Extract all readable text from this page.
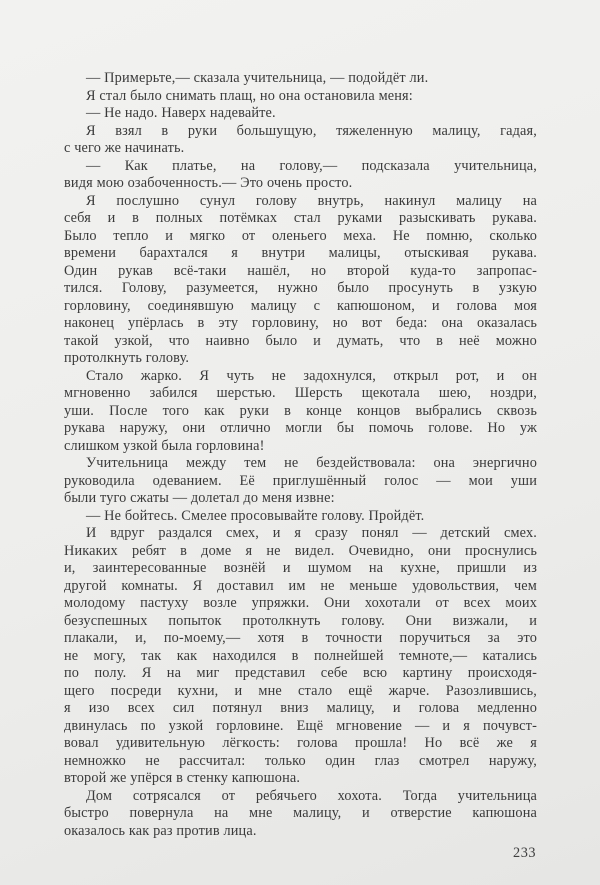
— Примерьте,— сказала учительница, — подойдёт ли.
Я стал было снимать плащ, но она остановила меня:
— Не надо. Наверх надевайте.
Я взял в руки большущую, тяжеленную малицу, гадая,
с чего же начинать.
— Как платье, на голову,— подсказала учительница,
видя мою озабоченность.— Это очень просто.
Я послушно сунул голову внутрь, накинул малицу на
себя и в полных потёмках стал руками разыскивать рукава.
Было тепло и мягко от оленьего меха. Не помню, сколько
времени барахтался я внутри малицы, отыскивая рукава.
Один рукав всё-таки нашёл, но второй куда-то запропас-
тился. Голову, разумеется, нужно было просунуть в узкую
горловину, соединявшую малицу с капюшоном, и голова моя
наконец упёрлась в эту горловину, но вот беда: она оказалась
такой узкой, что наивно было и думать, что в неё можно
протолкнуть голову.
Стало жарко. Я чуть не задохнулся, открыл рот, и он
мгновенно забился шерстью. Шерсть щекотала шею, ноздри,
уши. После того как руки в конце концов выбрались сквозь
рукава наружу, они отлично могли бы помочь голове. Но уж
слишком узкой была горловина!
Учительница между тем не бездействовала: она энергично
руководила одеванием. Её приглушённый голос — мои уши
были туго сжаты — долетал до меня извне:
— Не бойтесь. Смелее просовывайте голову. Пройдёт.
И вдруг раздался смех, и я сразу понял — детский смех.
Никаких ребят в доме я не видел. Очевидно, они проснулись
и, заинтересованные вознёй и шумом на кухне, пришли из
другой комнаты. Я доставил им не меньше удовольствия, чем
молодому пастуху возле упряжки. Они хохотали от всех моих
безуспешных попыток протолкнуть голову. Они визжали, и
плакали, и, по-моему,— хотя в точности поручиться за это
не могу, так как находился в полнейшей темноте,— катались
по полу. Я на миг представил себе всю картину происходя-
щего посреди кухни, и мне стало ещё жарче. Разозлившись,
я изо всех сил потянул вниз малицу, и голова медленно
двинулась по узкой горловине. Ещё мгновение — и я почувст-
вовал удивительную лёгкость: голова прошла! Но всё же я
немножко не рассчитал: только один глаз смотрел наружу,
второй же упёрся в стенку капюшона.
Дом сотрясался от ребячьего хохота. Тогда учительница
быстро повернула на мне малицу, и отверстие капюшона
оказалось как раз против лица.
233
